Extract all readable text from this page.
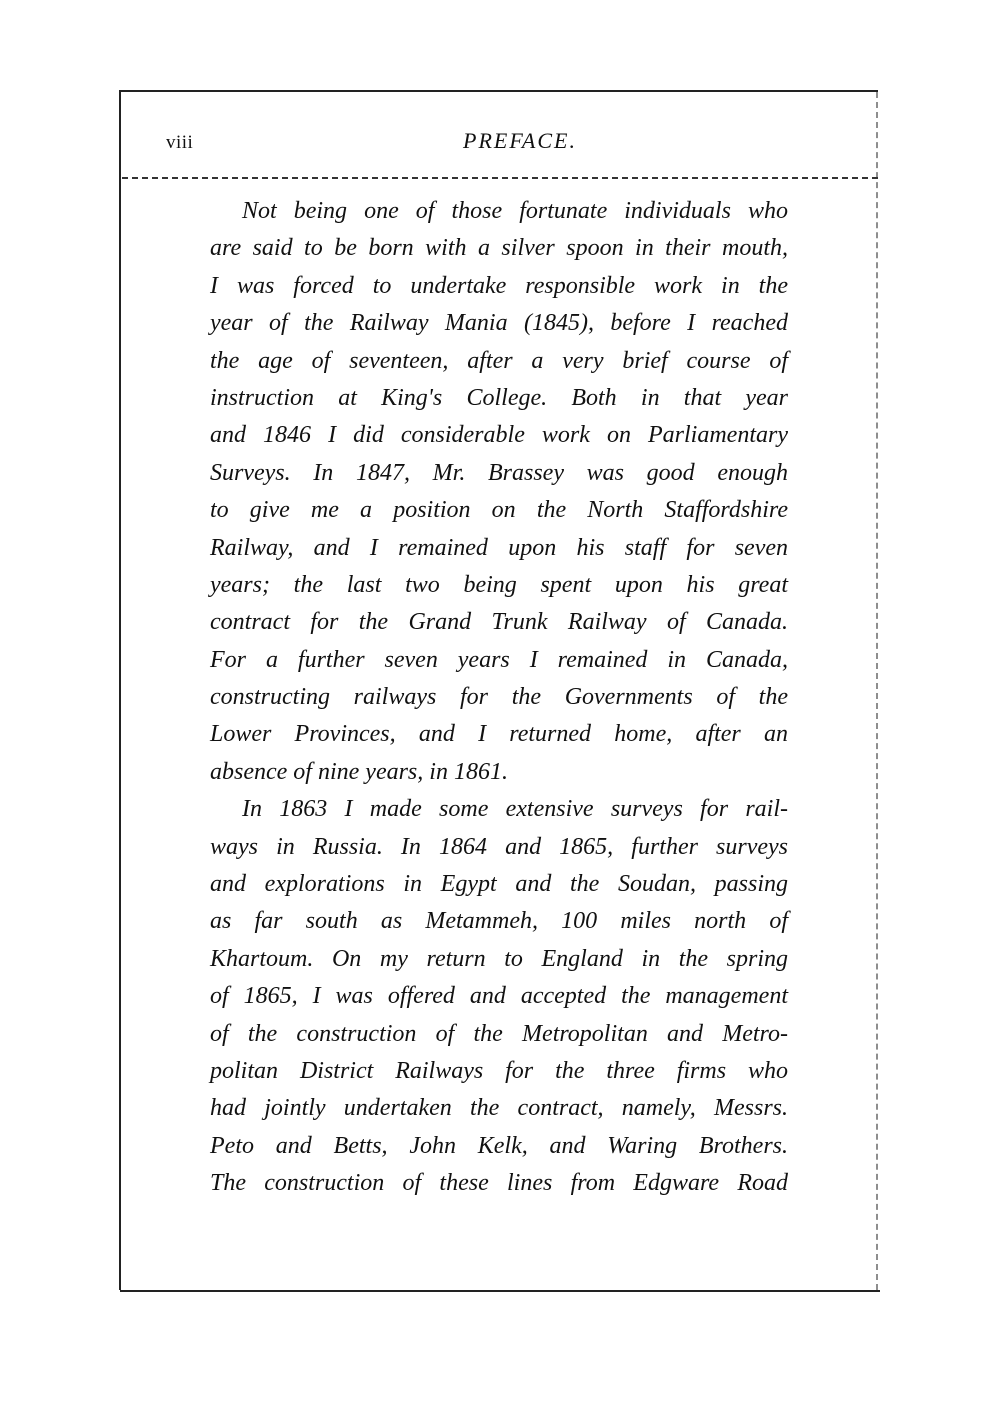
viii	PREFACE.
Not being one of those fortunate individuals who
are said to be born with a silver spoon in their mouth,
I was forced to undertake responsible work in the
year of the Railway Mania (1845), before I reached
the age of seventeen, after a very brief course of
instruction at King's College. Both in that year
and 1846 I did considerable work on Parliamentary
Surveys. In 1847, Mr. Brassey was good enough
to give me a position on the North Staffordshire
Railway, and I remained upon his staff for seven
years; the last two being spent upon his great
contract for the Grand Trunk Railway of Canada.
For a further seven years I remained in Canada,
constructing railways for the Governments of the
Lower Provinces, and I returned home, after an
absence of nine years, in 1861.
In 1863 I made some extensive surveys for rail-
ways in Russia. In 1864 and 1865, further surveys
and explorations in Egypt and the Soudan, passing
as far south as Metammeh, 100 miles north of
Khartoum. On my return to England in the spring
of 1865, I was offered and accepted the management
of the construction of the Metropolitan and Metro-
politan District Railways for the three firms who
had jointly undertaken the contract, namely, Messrs.
Peto and Betts, John Kelk, and Waring Brothers.
The construction of these lines from Edgware Road
